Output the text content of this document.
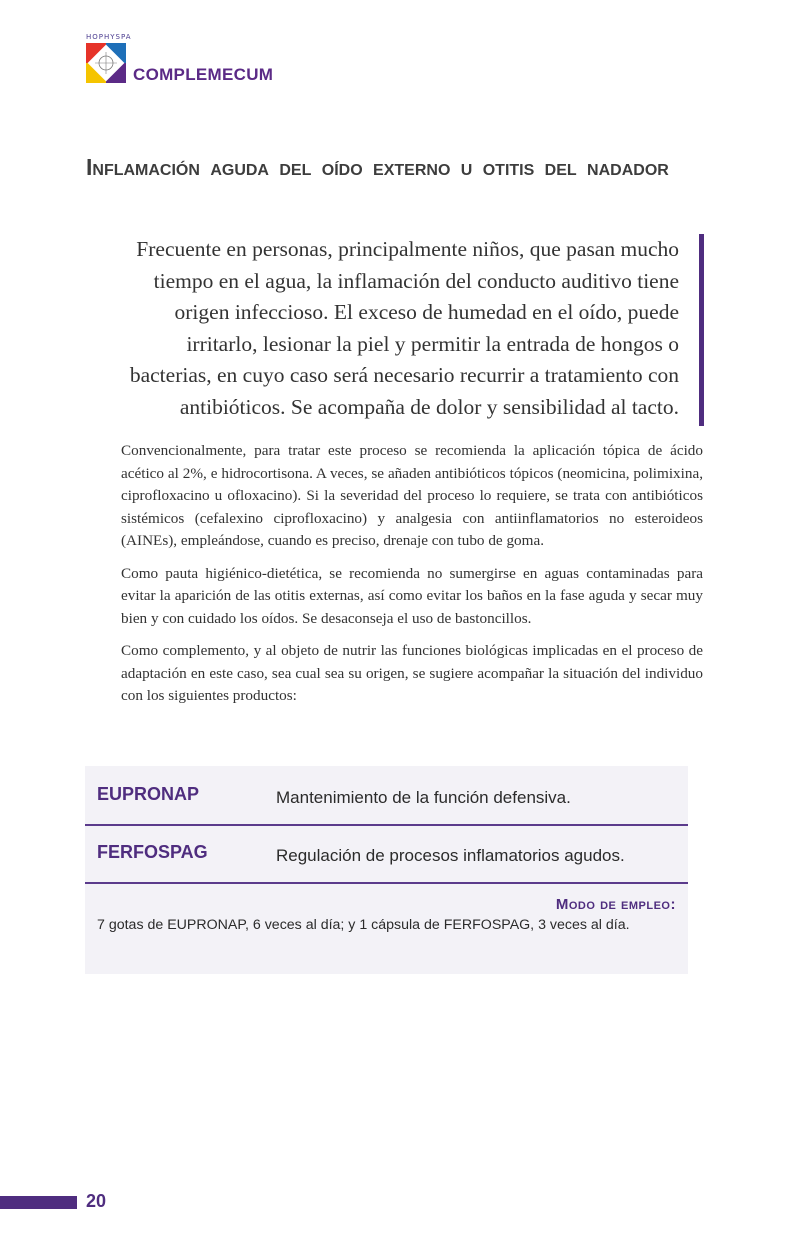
HOPHYSPA
COMPLEMECUM
Inflamación aguda del oído externo u otitis del nadador
Frecuente en personas, principalmente niños, que pasan mucho tiempo en el agua, la inflamación del conducto auditivo tiene origen infeccioso. El exceso de humedad en el oído, puede irritarlo, lesionar la piel y permitir la entrada de hongos o bacterias, en cuyo caso será necesario recurrir a tratamiento con antibióticos. Se acompaña de dolor y sensibilidad al tacto.

Convencionalmente, para tratar este proceso se recomienda la aplicación tópica de ácido acético al 2%, e hidrocortisona. A veces, se añaden antibióticos tópicos (neomicina, polimixina, ciprofloxacino u ofloxacino). Si la severidad del proceso lo requiere, se trata con antibióticos sistémicos (cefalexino ciprofloxacino) y analgesia con antiinflamatorios no esteroideos (AINEs), empleándose, cuando es preciso, drenaje con tubo de goma.

Como pauta higiénico-dietética, se recomienda no sumergirse en aguas contaminadas para evitar la aparición de las otitis externas, así como evitar los baños en la fase aguda y secar muy bien y con cuidado los oídos. Se desaconseja el uso de bastoncillos.

Como complemento, y al objeto de nutrir las funciones biológicas implicadas en el proceso de adaptación en este caso, sea cual sea su origen, se sugiere acompañar la situación del individuo con los siguientes productos:

EUPRONAP	Mantenimiento de la función defensiva.
FERFOSPAG	Regulación de procesos inflamatorios agudos.
Modo de empleo:
7 gotas de EUPRONAP, 6 veces al día; y 1 cápsula de FERFOSPAG, 3 veces al día.
20
